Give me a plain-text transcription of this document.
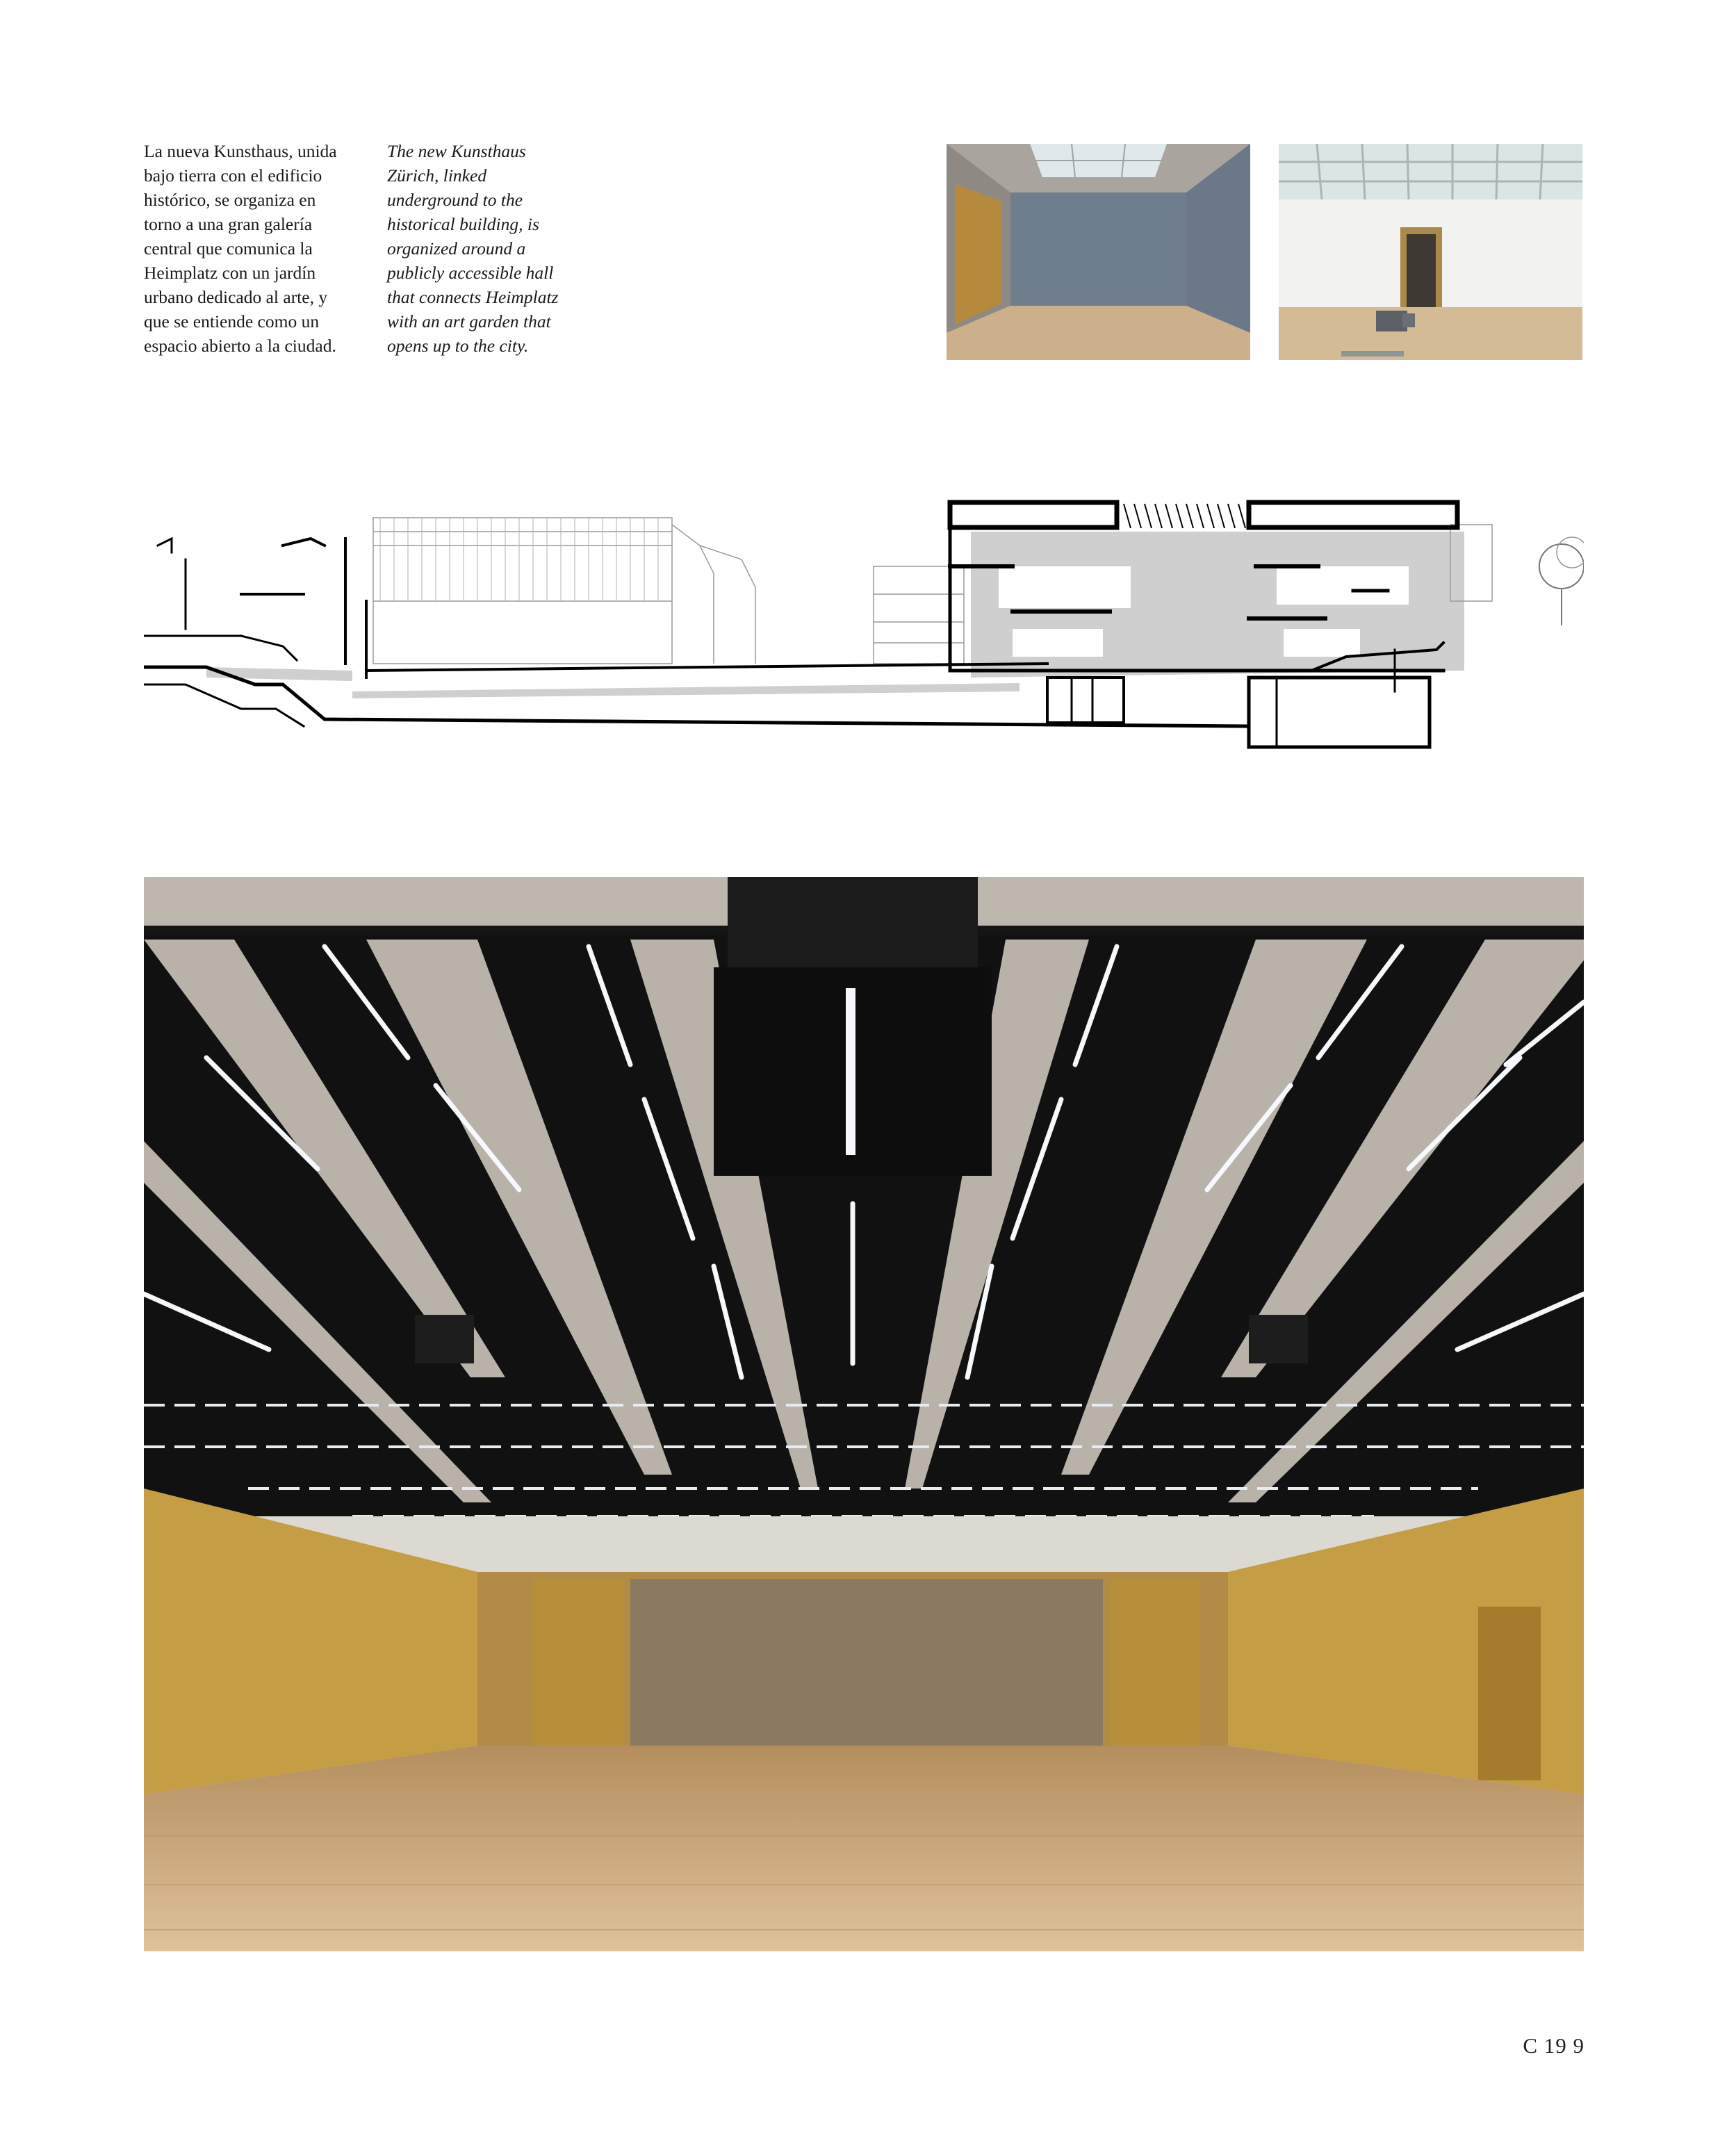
La nueva Kunsthaus, unida
bajo tierra con el edificio
histórico, se organiza en
torno a una gran galería
central que comunica la
Heimplatz con un jardín
urbano dedicado al arte, y
que se entiende como un
espacio abierto a la ciudad.
The new Kunsthaus
Zürich, linked
underground to the
historical building, is
organized around a
publicly accessible hall
that connects Heimplatz
with an art garden that
opens up to the city.
C 19 9
